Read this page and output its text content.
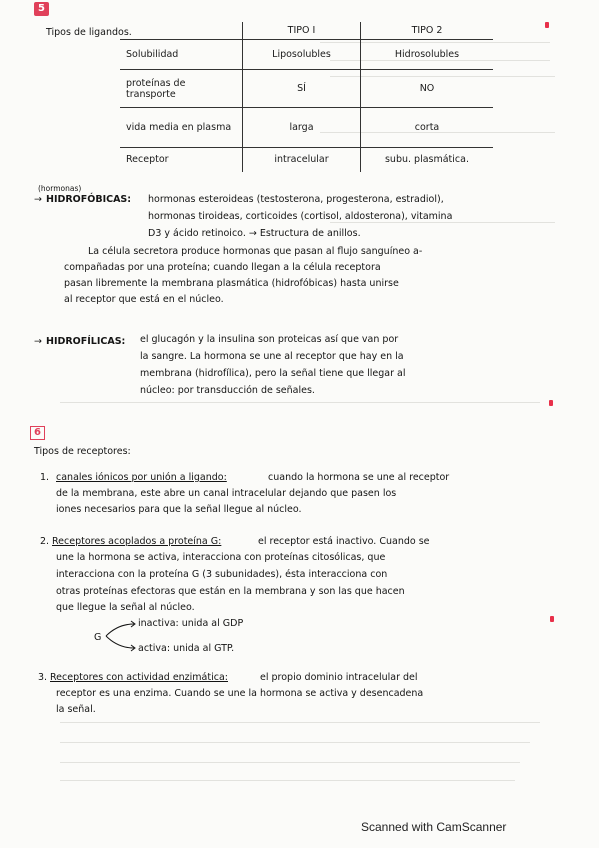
5
Tipos de ligandos.
		TIPO I	TIPO 2
Solubilidad	Liposolubles	Hidrosolubles
proteínas de transporte	SÍ	NO
vida media en plasma	larga	corta
Receptor	intracelular	subu. plasmática.
(hormonas)
→ HIDROFÓBICAS: hormonas esteroideas (testosterona, progesterona, estradiol),
hormonas tiroideas, corticoides (cortisol, aldosterona), vitamina
D3 y ácido retinoico. → Estructura de anillos.
La célula secretora produce hormonas que pasan al flujo sanguíneo a-
compañadas por una proteína; cuando llegan a la célula receptora
pasan libremente la membrana plasmática (hidrofóbicas) hasta unirse
al receptor que está en el núcleo.
→ HIDROFÍLICAS: el glucagón y la insulina son proteicas así que van por
la sangre. La hormona se une al receptor que hay en la
membrana (hidrofílica), pero la señal tiene que llegar al
núcleo: por transducción de señales.
6
Tipos de receptores:
1. canales iónicos por unión a ligando:	cuando la hormona se une al receptor
de la membrana, este abre un canal intracelular dejando que pasen los
iones necesarios para que la señal llegue al núcleo.
2. Receptores acoplados a proteína G:	el receptor está inactivo. Cuando se
une la hormona se activa, interacciona con proteínas citosólicas, que
interacciona con la proteína G (3 subunidades), ésta interacciona con
otras proteínas efectoras que están en la membrana y son las que hacen
que llegue la señal al núcleo.
G
inactiva: unida al GDP
activa: unida al GTP.
3. Receptores con actividad enzimática:	el propio dominio intracelular del
receptor es una enzima. Cuando se une la hormona se activa y desencadena
la señal.
Scanned with CamScanner
